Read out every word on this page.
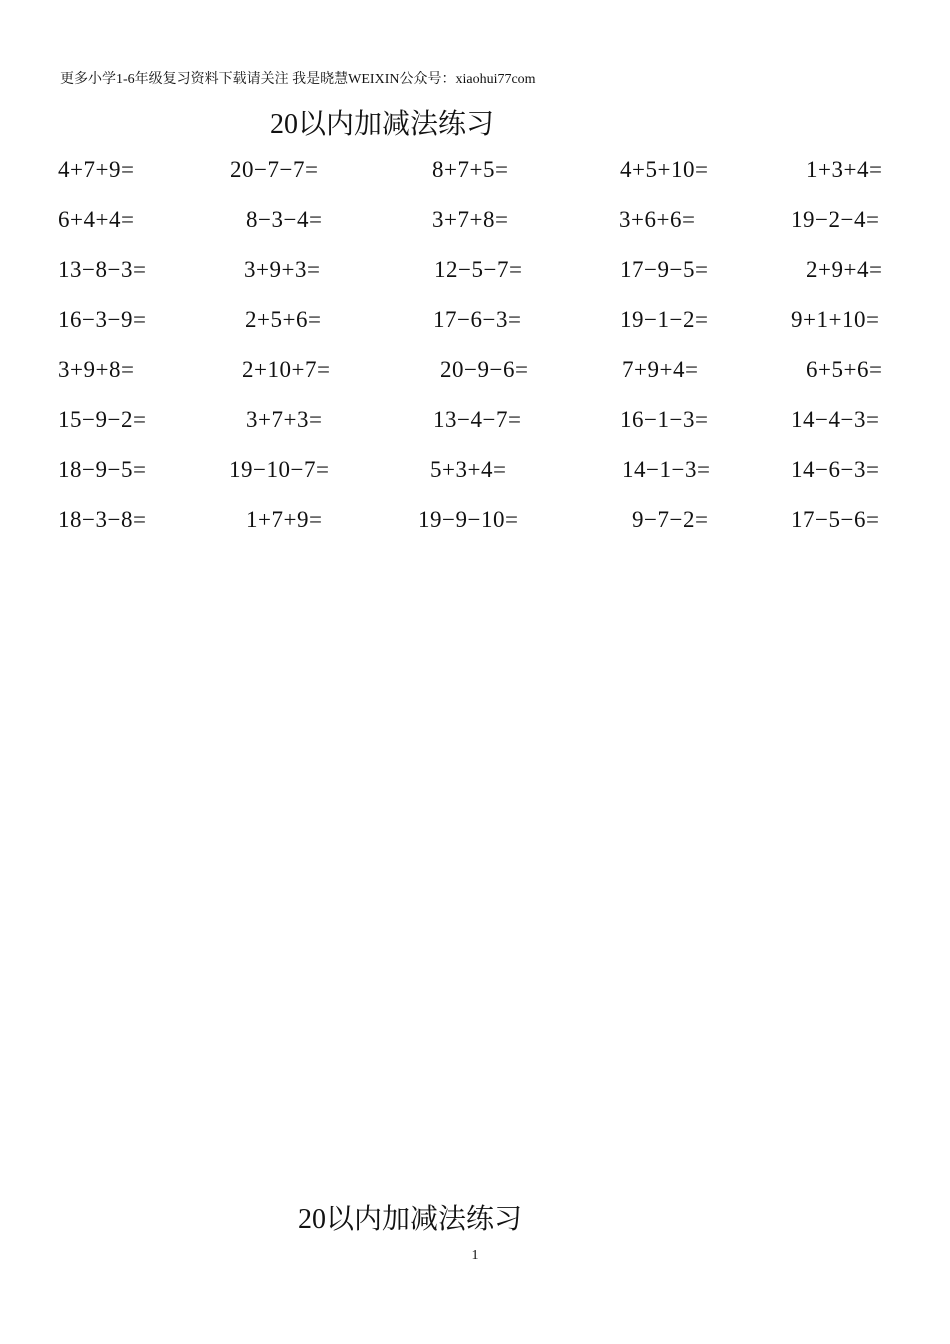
更多小学1-6年级复习资料下载请关注 我是晓慧WEIXIN公众号：xiaohui77com
20以内加减法练习
4+7+9=	20−7−7=	8+7+5=	4+5+10=	1+3+4=
6+4+4=	8−3−4=	3+7+8=	3+6+6=	19−2−4=
13−8−3=	3+9+3=	12−5−7=	17−9−5=	2+9+4=
16−3−9=	2+5+6=	17−6−3=	19−1−2=	9+1+10=
3+9+8=	2+10+7=	20−9−6=	7+9+4=	6+5+6=
15−9−2=	3+7+3=	13−4−7=	16−1−3=	14−4−3=
18−9−5=	19−10−7=	5+3+4=	14−1−3=	14−6−3=
18−3−8=	1+7+9=	19−9−10=	9−7−2=	17−5−6=
20以内加减法练习
1
